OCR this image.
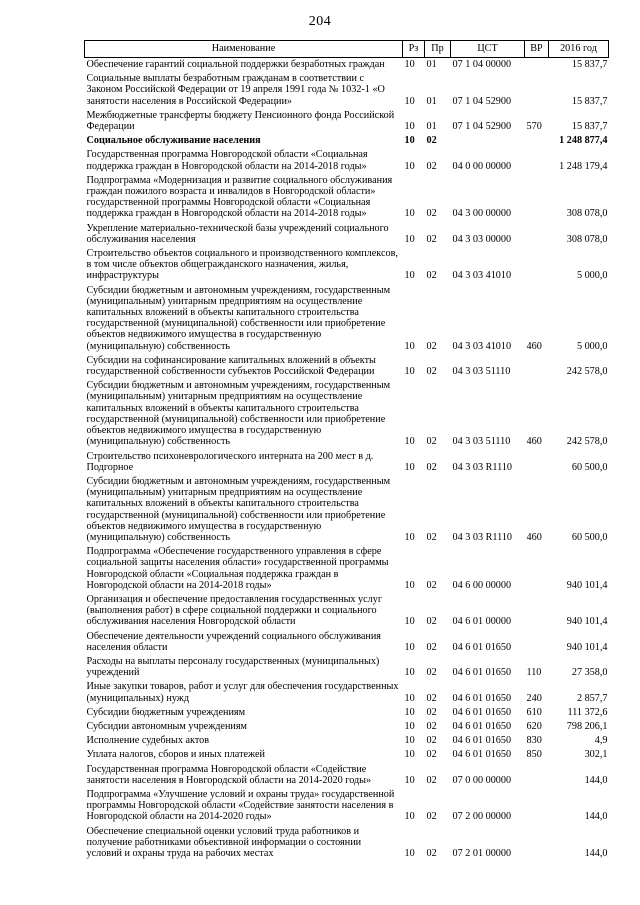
204
Наименование	Рз	Пр	ЦСТ	ВР	2016 год
Обеспечение гарантий социальной поддержки безработных граждан	10	01	07 1 04 00000		15 837,7
Социальные выплаты безработным гражданам в соответствии с Законом Российской Федерации от 19 апреля 1991 года № 1032-1 «О занятости населения в Российской Федерации»	10	01	07 1 04 52900		15 837,7
Межбюджетные трансферты бюджету Пенсионного фонда Российской Федерации	10	01	07 1 04 52900	570	15 837,7
Социальное обслуживание населения	10	02			1 248 877,4
Государственная программа Новгородской области «Социальная поддержка граждан в Новгородской области на 2014-2018 годы»	10	02	04 0 00 00000		1 248 179,4
Подпрограмма «Модернизация и развитие социального обслуживания граждан пожилого возраста и инвалидов в Новгородской области» государственной программы Новгородской области «Социальная поддержка граждан в Новгородской области на 2014-2018 годы»	10	02	04 3 00 00000		308 078,0
Укрепление материально-технической базы учреждений социального обслуживания населения	10	02	04 3 03 00000		308 078,0
Строительство объектов социального и производственного комплексов, в том числе объектов общегражданского назначения, жилья, инфраструктуры	10	02	04 3 03 41010		5 000,0
Субсидии бюджетным и автономным учреждениям, государственным (муниципальным) унитарным предприятиям на осуществление капитальных вложений в объекты капитального строительства государственной (муниципальной) собственности или приобретение объектов недвижимого имущества в государственную (муниципальную) собственность	10	02	04 3 03 41010	460	5 000,0
Субсидии на софинансирование капитальных вложений в объекты государственной собственности субъектов Российской Федерации	10	02	04 3 03 51110		242 578,0
Субсидии бюджетным и автономным учреждениям, государственным (муниципальным) унитарным предприятиям на осуществление капитальных вложений в объекты капитального строительства государственной (муниципальной) собственности или приобретение объектов недвижимого имущества в государственную (муниципальную) собственность	10	02	04 3 03 51110	460	242 578,0
Строительство психоневрологического интерната на 200 мест в д. Подгорное	10	02	04 3 03 R1110		60 500,0
Субсидии бюджетным и автономным учреждениям, государственным (муниципальным) унитарным предприятиям на осуществление капитальных вложений в объекты капитального строительства государственной (муниципальной) собственности или приобретение объектов недвижимого имущества в государственную (муниципальную) собственность	10	02	04 3 03 R1110	460	60 500,0
Подпрограмма «Обеспечение государственного управления в сфере социальной защиты населения области» государственной программы Новгородской области «Социальная поддержка граждан в Новгородской области на 2014-2018 годы»	10	02	04 6 00 00000		940 101,4
Организация и обеспечение предоставления государственных услуг (выполнения работ) в сфере социальной поддержки и социального обслуживания населения Новгородской области	10	02	04 6 01 00000		940 101,4
Обеспечение деятельности учреждений социального обслуживания населения области	10	02	04 6 01 01650		940 101,4
Расходы на выплаты персоналу государственных (муниципальных) учреждений	10	02	04 6 01 01650	110	27 358,0
Иные закупки товаров, работ и услуг для обеспечения государственных (муниципальных) нужд	10	02	04 6 01 01650	240	2 857,7
Субсидии бюджетным учреждениям	10	02	04 6 01 01650	610	111 372,6
Субсидии автономным учреждениям	10	02	04 6 01 01650	620	798 206,1
Исполнение судебных актов	10	02	04 6 01 01650	830	4,9
Уплата налогов, сборов и иных платежей	10	02	04 6 01 01650	850	302,1
Государственная программа Новгородской области «Содействие занятости населения в Новгородской области на 2014-2020 годы»	10	02	07 0 00 00000		144,0
Подпрограмма «Улучшение условий и охраны труда» государственной программы Новгородской области «Содействие занятости населения в Новгородской области на 2014-2020 годы»	10	02	07 2 00 00000		144,0
Обеспечение специальной оценки условий труда работников и получение работниками объективной информации о состоянии условий и охраны труда на рабочих местах	10	02	07 2 01 00000		144,0
